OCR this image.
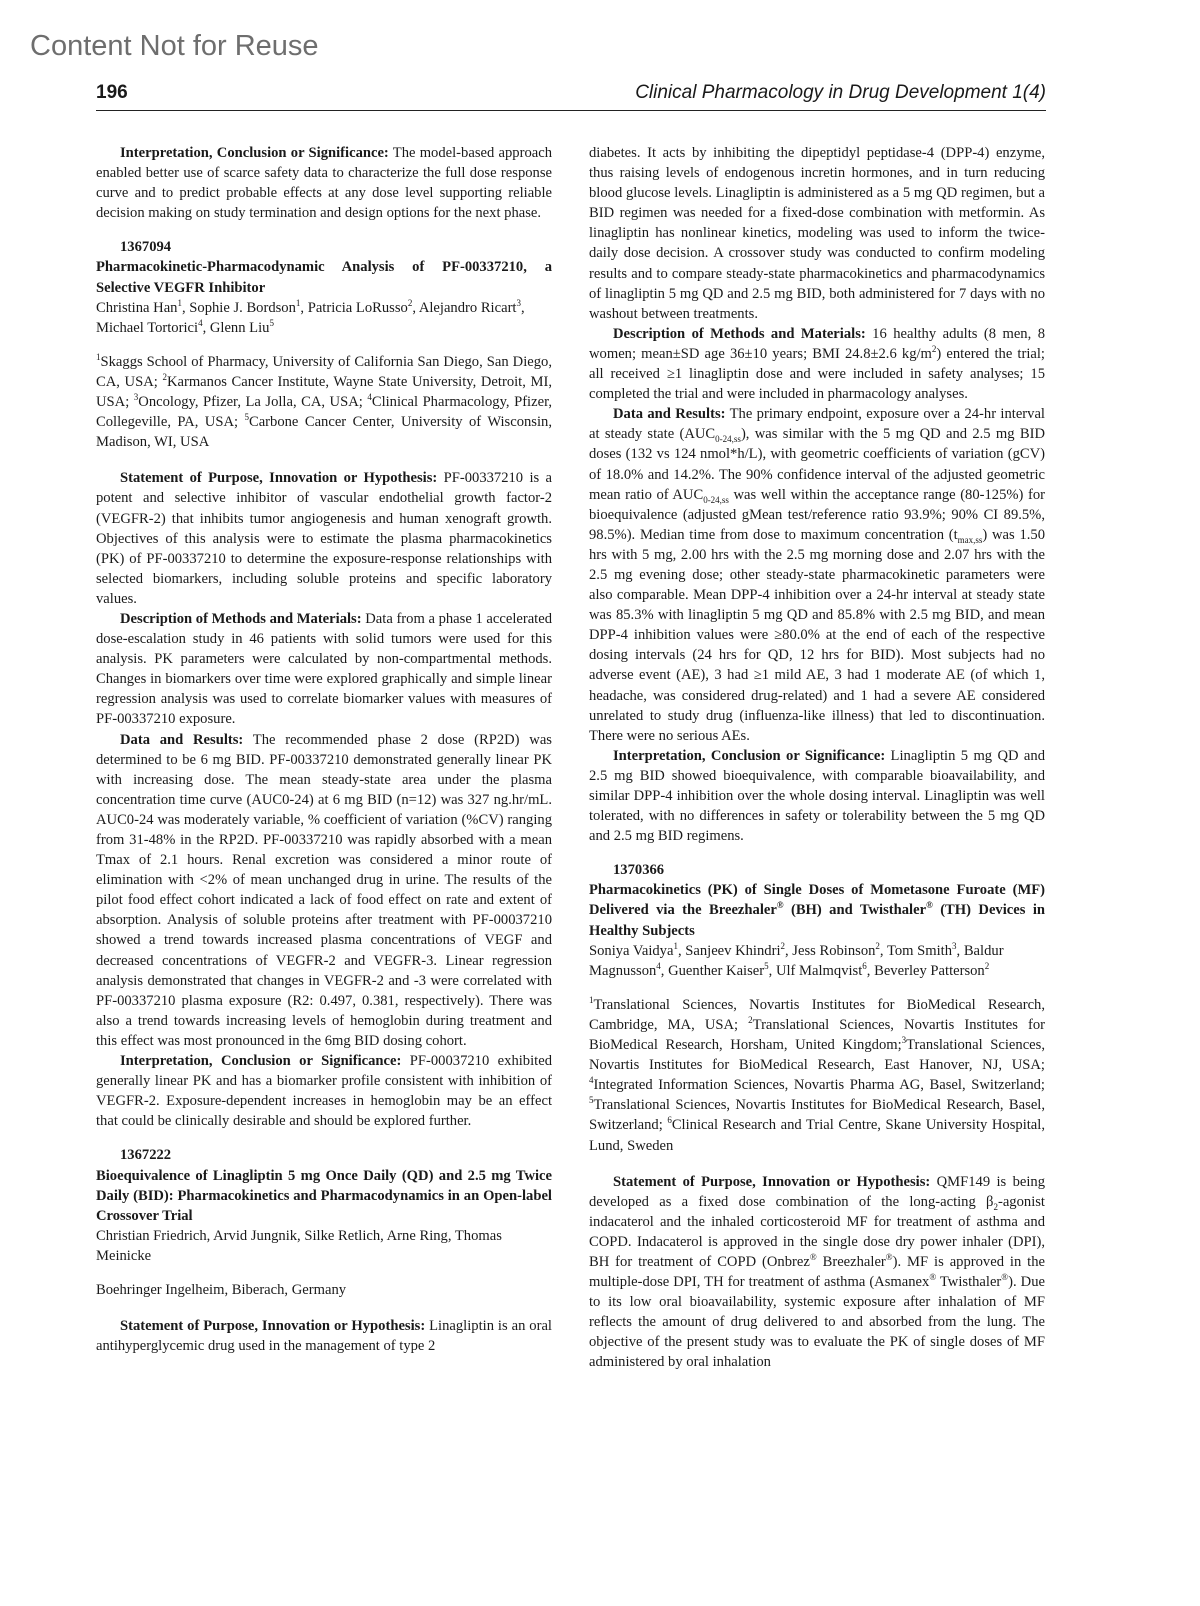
Content Not for Reuse
196	Clinical Pharmacology in Drug Development 1(4)

Interpretation, Conclusion or Significance: The model-based approach enabled better use of scarce safety data to characterize the full dose response curve and to predict probable effects at any dose level supporting reliable decision making on study termination and design options for the next phase.

1367094

Pharmacokinetic-Pharmacodynamic Analysis of PF-00337210, a Selective VEGFR Inhibitor
Christina Han$^1$, Sophie J. Bordson$^1$, Patricia LoRusso$^2$, Alejandro Ricart$^3$, Michael Tortorici$^4$, Glenn Liu$^5$
$^1$Skaggs School of Pharmacy, University of California San Diego, San Diego, CA, USA; $^2$Karmanos Cancer Institute, Wayne State University, Detroit, MI, USA; $^3$Oncology, Pfizer, La Jolla, CA, USA; $^4$Clinical Pharmacology, Pfizer, Collegeville, PA, USA; $^5$Carbone Cancer Center, University of Wisconsin, Madison, WI, USA

Statement of Purpose, Innovation or Hypothesis: PF-00337210 is a potent and selective inhibitor of vascular endothelial growth factor-2 (VEGFR-2) that inhibits tumor angiogenesis and human xenograft growth. Objectives of this analysis were to estimate the plasma pharmacokinetics (PK) of PF-00337210 to determine the exposure-response relationships with selected biomarkers, including soluble proteins and specific laboratory values.

Description of Methods and Materials: Data from a phase 1 accelerated dose-escalation study in 46 patients with solid tumors were used for this analysis. PK parameters were calculated by non-compartmental methods. Changes in biomarkers over time were explored graphically and simple linear regression analysis was used to correlate biomarker values with measures of PF-00337210 exposure.

Data and Results: The recommended phase 2 dose (RP2D) was determined to be 6 mg BID. PF-00337210 demonstrated generally linear PK with increasing dose. The mean steady-state area under the plasma concentration time curve (AUC0-24) at 6 mg BID (n=12) was 327 ng.hr/mL. AUC0-24 was moderately variable, % coefficient of variation (%CV) ranging from 31-48% in the RP2D. PF-00337210 was rapidly absorbed with a mean Tmax of 2.1 hours. Renal excretion was considered a minor route of elimination with <2% of mean unchanged drug in urine. The results of the pilot food effect cohort indicated a lack of food effect on rate and extent of absorption. Analysis of soluble proteins after treatment with PF-00037210 showed a trend towards increased plasma concentrations of VEGF and decreased concentrations of VEGFR-2 and VEGFR-3. Linear regression analysis demonstrated that changes in VEGFR-2 and -3 were correlated with PF-00337210 plasma exposure (R2: 0.497, 0.381, respectively). There was also a trend towards increasing levels of hemoglobin during treatment and this effect was most pronounced in the 6mg BID dosing cohort.

Interpretation, Conclusion or Significance: PF-00037210 exhibited generally linear PK and has a biomarker profile consistent with inhibition of VEGFR-2. Exposure-dependent increases in hemoglobin may be an effect that could be clinically desirable and should be explored further.

1367222

Bioequivalence of Linagliptin 5 mg Once Daily (QD) and 2.5 mg Twice Daily (BID): Pharmacokinetics and Pharmacodynamics in an Open-label Crossover Trial
Christian Friedrich, Arvid Jungnik, Silke Retlich, Arne Ring, Thomas Meinicke
Boehringer Ingelheim, Biberach, Germany

Statement of Purpose, Innovation or Hypothesis: Linagliptin is an oral antihyperglycemic drug used in the management of type 2

diabetes. It acts by inhibiting the dipeptidyl peptidase-4 (DPP-4) enzyme, thus raising levels of endogenous incretin hormones, and in turn reducing blood glucose levels. Linagliptin is administered as a 5 mg QD regimen, but a BID regimen was needed for a fixed-dose combination with metformin. As linagliptin has nonlinear kinetics, modeling was used to inform the twice-daily dose decision. A crossover study was conducted to confirm modeling results and to compare steady-state pharmacokinetics and pharmacodynamics of linagliptin 5 mg QD and 2.5 mg BID, both administered for 7 days with no washout between treatments.

Description of Methods and Materials: 16 healthy adults (8 men, 8 women; mean±SD age 36±10 years; BMI 24.8±2.6 $kg/m^2$) entered the trial; all received ≥1 linagliptin dose and were included in safety analyses; 15 completed the trial and were included in pharmacology analyses.

Data and Results: The primary endpoint, exposure over a 24-hr interval at steady state $(AUC_{0-24,ss})$, was similar with the 5 mg QD and 2.5 mg BID doses (132 vs 124 nmol*h/L), with geometric coefficients of variation (gCV) of 18.0% and 14.2%. The 90% confidence interval of the adjusted geometric mean ratio of $AUC_{0-24,ss}$ was well within the acceptance range (80-125%) for bioequivalence (adjusted gMean test/reference ratio 93.9%; 90% CI 89.5%, 98.5%). Median time from dose to maximum concentration $(t_{max,ss})$ was 1.50 hrs with 5 mg, 2.00 hrs with the 2.5 mg morning dose and 2.07 hrs with the 2.5 mg evening dose; other steady-state pharmacokinetic parameters were also comparable. Mean DPP-4 inhibition over a 24-hr interval at steady state was 85.3% with linagliptin 5 mg QD and 85.8% with 2.5 mg BID, and mean DPP-4 inhibition values were ≥80.0% at the end of each of the respective dosing intervals (24 hrs for QD, 12 hrs for BID). Most subjects had no adverse event (AE), 3 had ≥1 mild AE, 3 had 1 moderate AE (of which 1, headache, was considered drug-related) and 1 had a severe AE considered unrelated to study drug (influenza-like illness) that led to discontinuation. There were no serious AEs.

Interpretation, Conclusion or Significance: Linagliptin 5 mg QD and 2.5 mg BID showed bioequivalence, with comparable bioavailability, and similar DPP-4 inhibition over the whole dosing interval. Linagliptin was well tolerated, with no differences in safety or tolerability between the 5 mg QD and 2.5 mg BID regimens.

1370366

Pharmacokinetics (PK) of Single Doses of Mometasone Furoate (MF) Delivered via the Breezhaler® (BH) and Twisthaler® (TH) Devices in Healthy Subjects
Soniya Vaidya$^1$, Sanjeev Khindri$^2$, Jess Robinson$^2$, Tom Smith$^3$, Baldur Magnusson$^4$, Guenther Kaiser$^5$, Ulf Malmqvist$^6$, Beverley Patterson$^2$
$^1$Translational Sciences, Novartis Institutes for BioMedical Research, Cambridge, MA, USA; $^2$Translational Sciences, Novartis Institutes for BioMedical Research, Horsham, United Kingdom;$^3$Translational Sciences, Novartis Institutes for BioMedical Research, East Hanover, NJ, USA; $^4$Integrated Information Sciences, Novartis Pharma AG, Basel, Switzerland; $^5$Translational Sciences, Novartis Institutes for BioMedical Research, Basel, Switzerland; $^6$Clinical Research and Trial Centre, Skane University Hospital, Lund, Sweden

Statement of Purpose, Innovation or Hypothesis: QMF149 is being developed as a fixed dose combination of the long-acting $\beta_2$-agonist indacaterol and the inhaled corticosteroid MF for treatment of asthma and COPD. Indacaterol is approved in the single dose dry power inhaler (DPI), BH for treatment of COPD (Onbrez® Breezhaler®). MF is approved in the multiple-dose DPI, TH for treatment of asthma (Asmanex® Twisthaler®). Due to its low oral bioavailability, systemic exposure after inhalation of MF reflects the amount of drug delivered to and absorbed from the lung. The objective of the present study was to evaluate the PK of single doses of MF administered by oral inhalation
